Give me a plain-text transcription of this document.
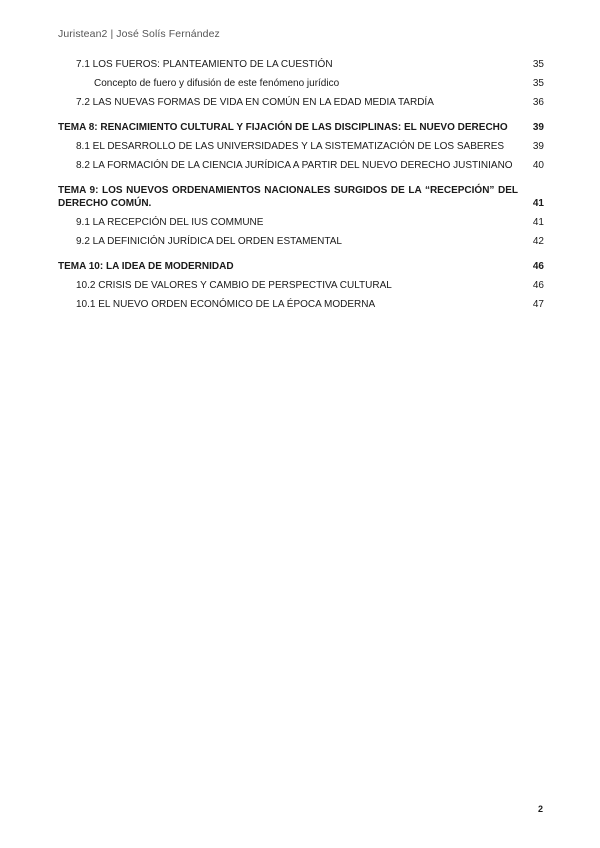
Juristean2 | José Solís Fernández
7.1 LOS FUEROS: PLANTEAMIENTO DE LA CUESTIÓN	35
Concepto de fuero y difusión de este fenómeno jurídico	35
7.2 LAS NUEVAS FORMAS DE VIDA EN COMÚN EN LA EDAD MEDIA TARDÍA	36
TEMA 8: RENACIMIENTO CULTURAL Y FIJACIÓN DE LAS DISCIPLINAS: EL NUEVO DERECHO	39
8.1 EL DESARROLLO DE LAS UNIVERSIDADES Y LA SISTEMATIZACIÓN DE LOS SABERES	39
8.2 LA FORMACIÓN DE LA CIENCIA JURÍDICA A PARTIR DEL NUEVO DERECHO JUSTINIANO	40
TEMA 9: LOS NUEVOS ORDENAMIENTOS NACIONALES SURGIDOS DE LA “RECEPCIÓN” DEL DERECHO COMÚN.	41
9.1 LA RECEPCIÓN DEL IUS COMMUNE	41
9.2 LA DEFINICIÓN JURÍDICA DEL ORDEN ESTAMENTAL	42
TEMA 10: LA IDEA DE MODERNIDAD	46
10.2 CRISIS DE VALORES Y CAMBIO DE PERSPECTIVA CULTURAL	46
10.1 EL NUEVO ORDEN ECONÓMICO DE LA ÉPOCA MODERNA	47
2
